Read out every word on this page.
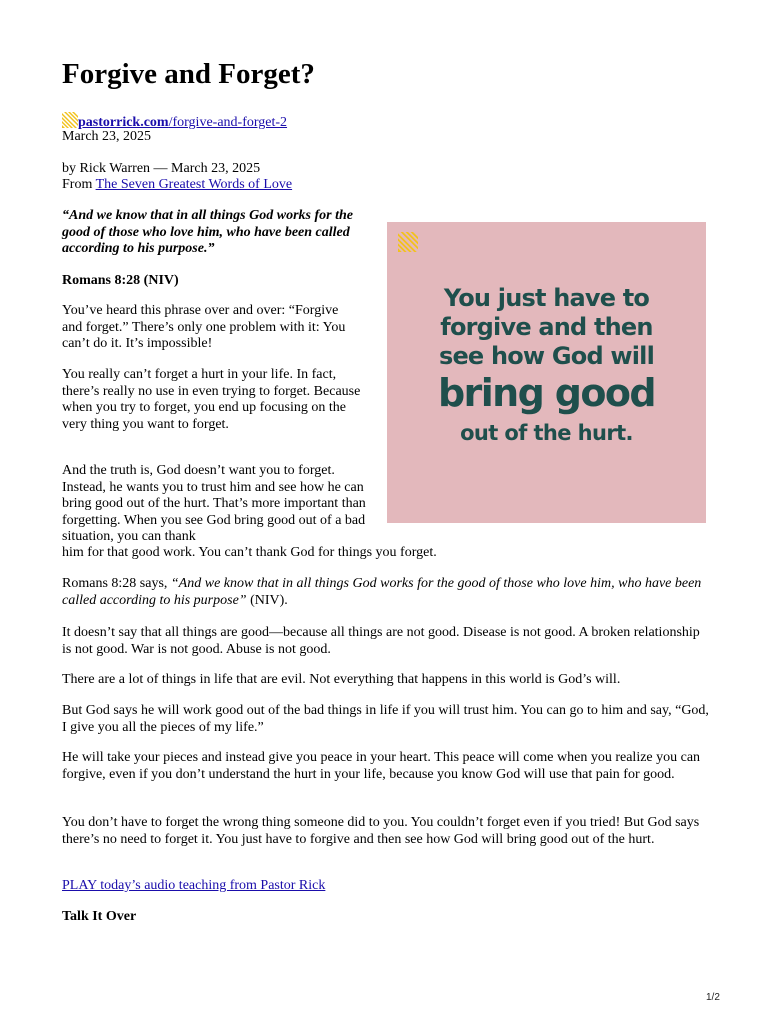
Forgive and Forget?

pastorrick.com/forgive-and-forget-2

March 23, 2025

by Rick Warren — March 23, 2025

From The Seven Greatest Words of Love

“And we know that in all things God works for the good of those who love him, who have been called according to his purpose.”

Romans 8:28 (NIV)

You’ve heard this phrase over and over: “Forgive and forget.” There’s only one problem with it: You can’t do it. It’s impossible!

You really can’t forget a hurt in your life. In fact, there’s really no use in even trying to forget. Because when you try to forget, you end up focusing on the very thing you want to forget.

And the truth is, God doesn’t want you to forget. Instead, he wants you to trust him and see how he can bring good out of the hurt. That’s more important than forgetting. When you see God bring good out of a bad situation, you can thank

him for that good work. You can’t thank God for things you forget.

Romans 8:28 says, “And we know that in all things God works for the good of those who love him, who have been called according to his purpose” (NIV).

It doesn’t say that all things are good—because all things are not good. Disease is not good. A broken relationship is not good. War is not good. Abuse is not good.

There are a lot of things in life that are evil. Not everything that happens in this world is God’s will.

But God says he will work good out of the bad things in life if you will trust him. You can go to him and say, “God, I give you all the pieces of my life.”

He will take your pieces and instead give you peace in your heart. This peace will come when you realize you can forgive, even if you don’t understand the hurt in your life, because you know God will use that pain for good.

You don’t have to forget the wrong thing someone did to you. You couldn’t forget even if you tried! But God says there’s no need to forget it. You just have to forgive and then see how God will bring good out of the hurt.

PLAY today’s audio teaching from Pastor Rick

Talk It Over

You just have to
forgive and then
see how God will
bring good
out of the hurt.
1/2
